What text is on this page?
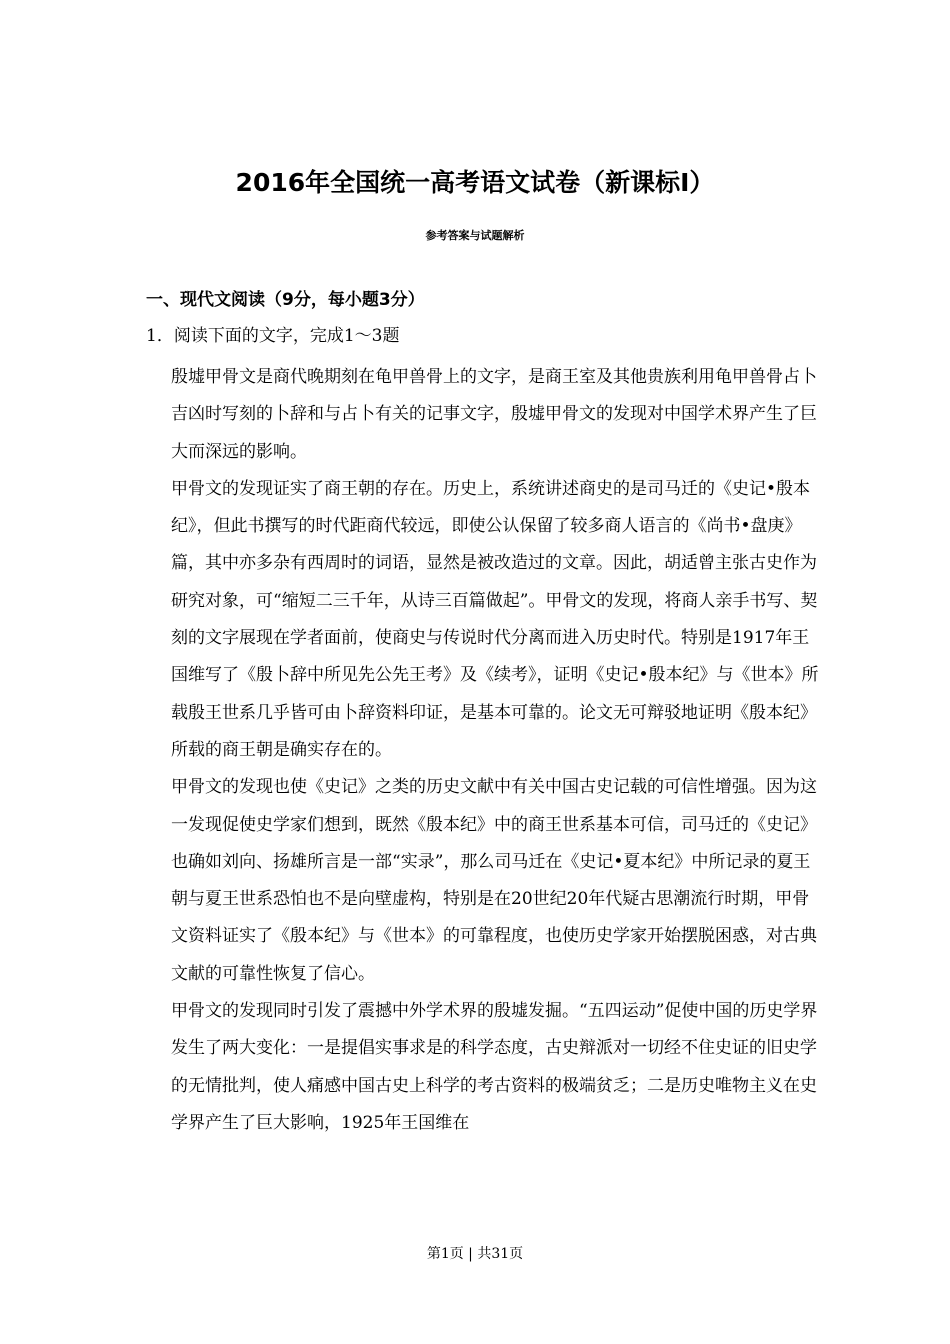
2016年全国统一高考语文试卷（新课标Ⅰ）
参考答案与试题解析
一、现代文阅读（9分，每小题3分）
1．阅读下面的文字，完成1～3题

殷墟甲骨文是商代晚期刻在龟甲兽骨上的文字，是商王室及其他贵族利用龟甲兽骨占卜吉凶时写刻的卜辞和与占卜有关的记事文字，殷墟甲骨文的发现对中国学术界产生了巨大而深远的影响。

甲骨文的发现证实了商王朝的存在。历史上，系统讲述商史的是司马迁的《史记•殷本纪》，但此书撰写的时代距商代较远，即使公认保留了较多商人语言的《尚书•盘庚》篇，其中亦多杂有西周时的词语，显然是被改造过的文章。因此，胡适曾主张古史作为研究对象，可“缩短二三千年，从诗三百篇做起”。甲骨文的发现，将商人亲手书写、契刻的文字展现在学者面前，使商史与传说时代分离而进入历史时代。特别是1917年王国维写了《殷卜辞中所见先公先王考》及《续考》，证明《史记•殷本纪》与《世本》所载殷王世系几乎皆可由卜辞资料印证，是基本可靠的。论文无可辩驳地证明《殷本纪》所载的商王朝是确实存在的。

甲骨文的发现也使《史记》之类的历史文献中有关中国古史记载的可信性增强。因为这一发现促使史学家们想到，既然《殷本纪》中的商王世系基本可信，司马迁的《史记》也确如刘向、扬雄所言是一部“实录”，那么司马迁在《史记•夏本纪》中所记录的夏王朝与夏王世系恐怕也不是向壁虚构，特别是在20世纪20年代疑古思潮流行时期，甲骨文资料证实了《殷本纪》与《世本》的可靠程度，也使历史学家开始摆脱困惑，对古典文献的可靠性恢复了信心。

甲骨文的发现同时引发了震撼中外学术界的殷墟发掘。“五四运动”促使中国的历史学界发生了两大变化：一是提倡实事求是的科学态度，古史辩派对一切经不住史证的旧史学的无情批判，使人痛感中国古史上科学的考古资料的极端贫乏；二是历史唯物主义在史学界产生了巨大影响，1925年王国维在

第1页 | 共31页
